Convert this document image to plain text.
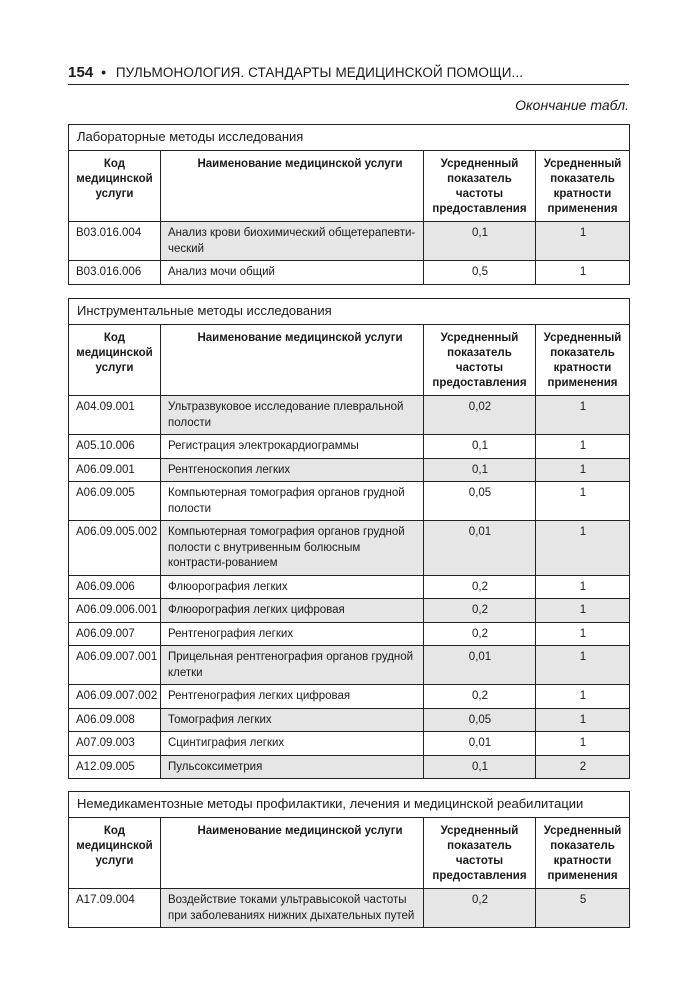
154 • ПУЛЬМОНОЛОГИЯ. СТАНДАРТЫ МЕДИЦИНСКОЙ ПОМОЩИ...
Окончание табл.
Лабораторные методы исследования			
Код медицинской услуги	Наименование медицинской услуги	Усредненный показатель частоты предоставления	Усредненный показатель кратности применения
B03.016.004	Анализ крови биохимический общетерапевти-ческий	0,1	1
B03.016.006	Анализ мочи общий	0,5	1
Инструментальные методы исследования			
Код медицинской услуги	Наименование медицинской услуги	Усредненный показатель частоты предоставления	Усредненный показатель кратности применения
A04.09.001	Ультразвуковое исследование плевральной полости	0,02	1
A05.10.006	Регистрация электрокардиограммы	0,1	1
A06.09.001	Рентгеноскопия легких	0,1	1
A06.09.005	Компьютерная томография органов грудной полости	0,05	1
A06.09.005.002	Компьютерная томография органов грудной полости с внутривенным болюсным контрасти-рованием	0,01	1
A06.09.006	Флюорография легких	0,2	1
A06.09.006.001	Флюорография легких цифровая	0,2	1
A06.09.007	Рентгенография легких	0,2	1
A06.09.007.001	Прицельная рентгенография органов грудной клетки	0,01	1
A06.09.007.002	Рентгенография легких цифровая	0,2	1
A06.09.008	Томография легких	0,05	1
A07.09.003	Сцинтиграфия легких	0,01	1
A12.09.005	Пульсоксиметрия	0,1	2
Немедикаментозные методы профилактики, лечения и медицинской реабилитации			
Код медицинской услуги	Наименование медицинской услуги	Усредненный показатель частоты предоставления	Усредненный показатель кратности применения
A17.09.004	Воздействие токами ультравысокой частоты при заболеваниях нижних дыхательных путей	0,2	5
